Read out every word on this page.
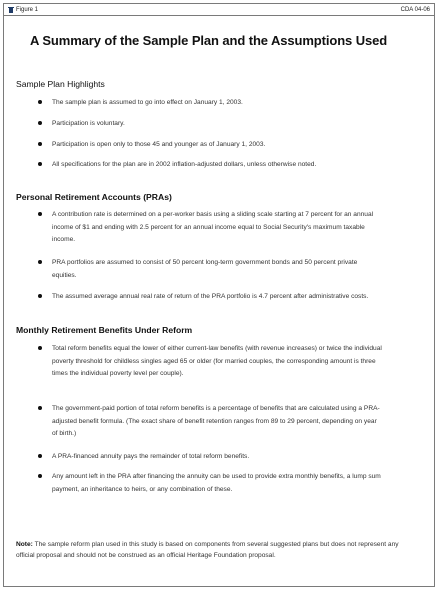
Figure 1	CDA 04-06
A Summary of the Sample Plan and the Assumptions Used
Sample Plan Highlights
The sample plan is assumed to go into effect on January 1, 2003.
Participation is voluntary.
Participation is open only to those 45 and younger as of January 1, 2003.
All specifications for the plan are in 2002 inflation-adjusted dollars, unless otherwise noted.
Personal Retirement Accounts (PRAs)
A contribution rate is determined on a per-worker basis using a sliding scale starting at 7 percent for an annual income of $1 and ending with 2.5 percent for an annual income equal to Social Security's maximum taxable income.
PRA portfolios are assumed to consist of 50 percent long-term government bonds and 50 percent private equities.
The assumed average annual real rate of return of the PRA portfolio is 4.7 percent after administrative costs.
Monthly Retirement Benefits Under Reform
Total reform benefits equal the lower of either current-law benefits (with revenue increases) or twice the individual poverty threshold for childless singles aged 65 or older (for married couples, the corresponding amount is three times the individual poverty level per couple).
The government-paid portion of total reform benefits is a percentage of benefits that are calculated using a PRA-adjusted benefit formula. (The exact share of benefit retention ranges from 89 to 29 percent, depending on year of birth.)
A PRA-financed annuity pays the remainder of total reform benefits.
Any amount left in the PRA after financing the annuity can be used to provide extra monthly benefits, a lump sum payment, an inheritance to heirs, or any combination of these.
Note: The sample reform plan used in this study is based on components from several suggested plans but does not represent any official proposal and should not be construed as an official Heritage Foundation proposal.
